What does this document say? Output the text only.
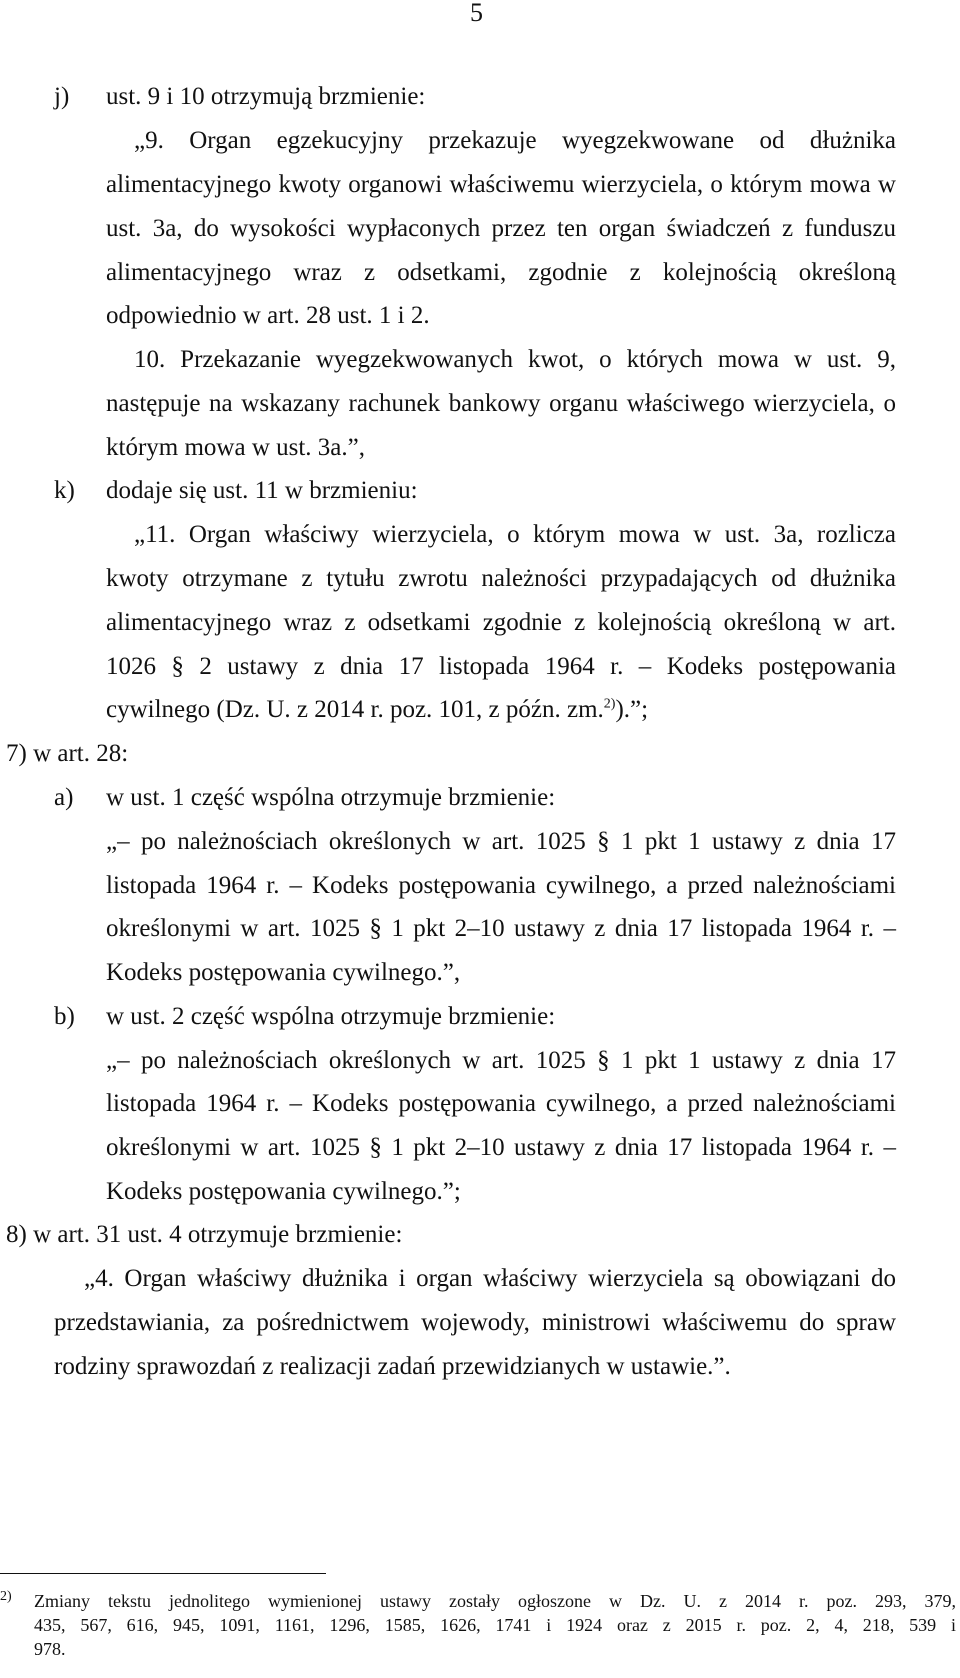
5
j) ust. 9 i 10 otrzymują brzmienie:
„9. Organ egzekucyjny przekazuje wyegzekwowane od dłużnika
alimentacyjnego kwoty organowi właściwemu wierzyciela, o którym mowa w
ust. 3a, do wysokości wypłaconych przez ten organ świadczeń z funduszu
alimentacyjnego wraz z odsetkami, zgodnie z kolejnością określoną
odpowiednio w art. 28 ust. 1 i 2.
10. Przekazanie wyegzekwowanych kwot, o których mowa w ust. 9,
następuje na wskazany rachunek bankowy organu właściwego wierzyciela, o
którym mowa w ust. 3a.”,
k) dodaje się ust. 11 w brzmieniu:
„11. Organ właściwy wierzyciela, o którym mowa w ust. 3a, rozlicza
kwoty otrzymane z tytułu zwrotu należności przypadających od dłużnika
alimentacyjnego wraz z odsetkami zgodnie z kolejnością określoną w art.
1026 § 2 ustawy z dnia 17 listopada 1964 r. – Kodeks postępowania
cywilnego (Dz. U. z 2014 r. poz. 101, z późn. zm.$^{2)}$).”;
7) w art. 28:
a) w ust. 1 część wspólna otrzymuje brzmienie:
„– po należnościach określonych w art. 1025 § 1 pkt 1 ustawy z dnia 17
listopada 1964 r. – Kodeks postępowania cywilnego, a przed należnościami
określonymi w art. 1025 § 1 pkt 2–10 ustawy z dnia 17 listopada 1964 r. –
Kodeks postępowania cywilnego.”,
b) w ust. 2 część wspólna otrzymuje brzmienie:
„– po należnościach określonych w art. 1025 § 1 pkt 1 ustawy z dnia 17
listopada 1964 r. – Kodeks postępowania cywilnego, a przed należnościami
określonymi w art. 1025 § 1 pkt 2–10 ustawy z dnia 17 listopada 1964 r. –
Kodeks postępowania cywilnego.”;
8) w art. 31 ust. 4 otrzymuje brzmienie:
„4. Organ właściwy dłużnika i organ właściwy wierzyciela są obowiązani do
przedstawiania, za pośrednictwem wojewody, ministrowi właściwemu do spraw
rodziny sprawozdań z realizacji zadań przewidzianych w ustawie.”.
2) Zmiany tekstu jednolitego wymienionej ustawy zostały ogłoszone w Dz. U. z 2014 r. poz. 293, 379,
435, 567, 616, 945, 1091, 1161, 1296, 1585, 1626, 1741 i 1924 oraz z 2015 r. poz. 2, 4, 218, 539 i
978.
